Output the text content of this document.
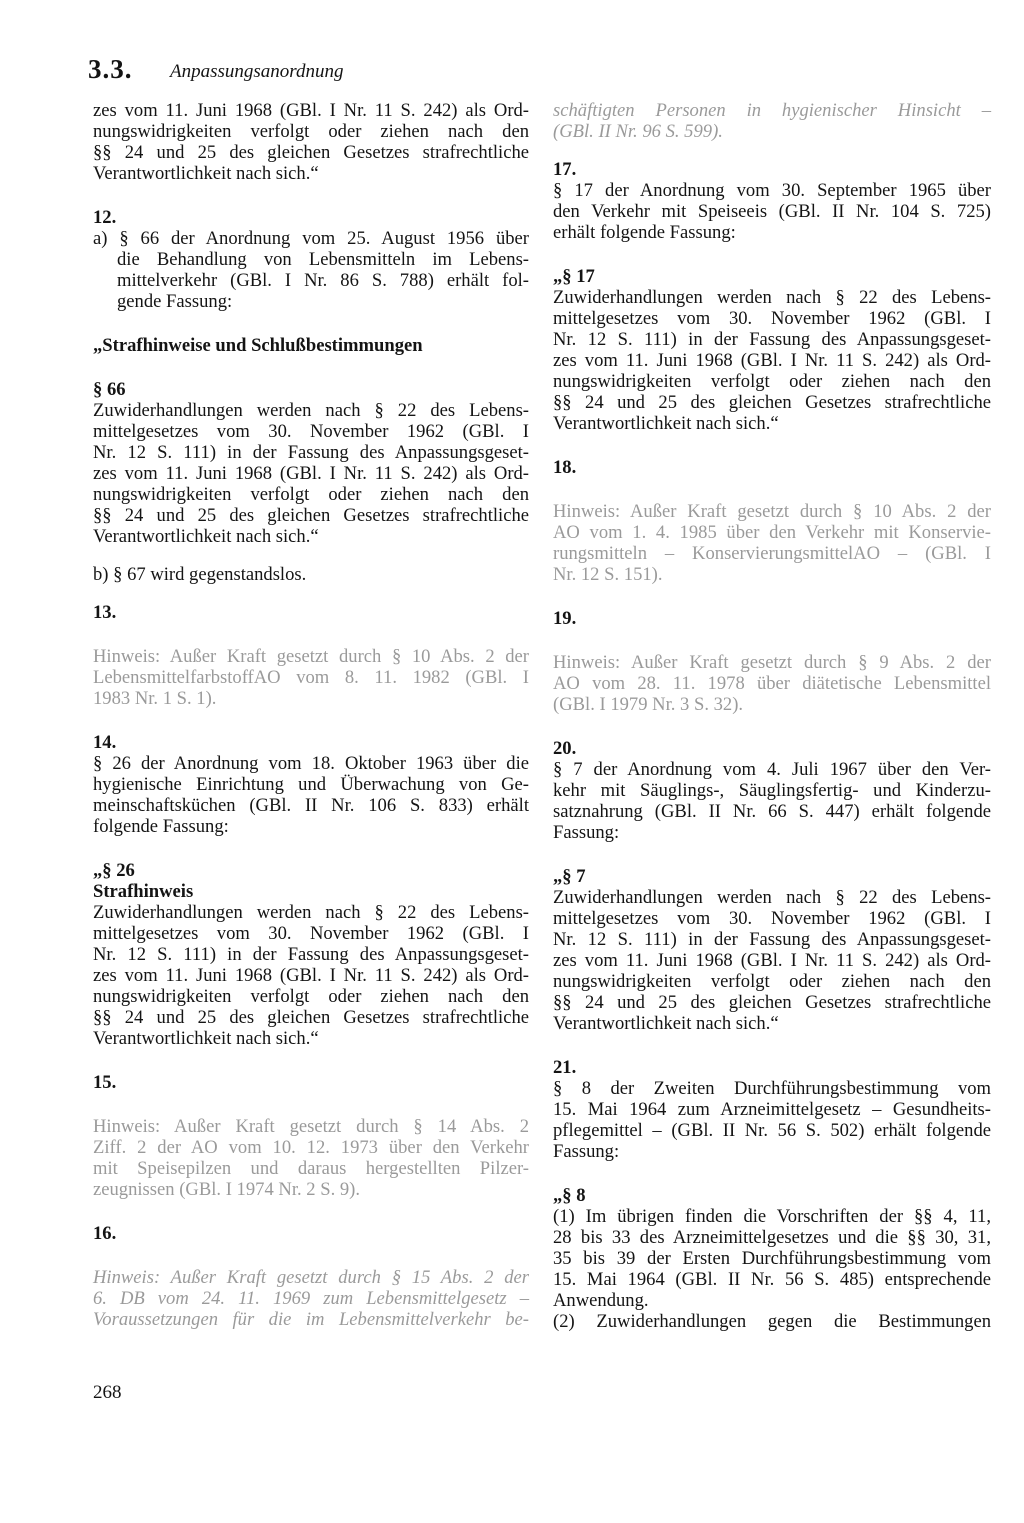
3.3. Anpassungsanordnung
zes vom 11. Juni 1968 (GBl. I Nr. 11 S. 242) als Ord-
nungswidrigkeiten verfolgt oder ziehen nach den
§§ 24 und 25 des gleichen Gesetzes strafrechtliche
Verantwortlichkeit nach sich.“
12.
a) § 66 der Anordnung vom 25. August 1956 über
die Behandlung von Lebensmitteln im Lebens-
mittelverkehr (GBl. I Nr. 86 S. 788) erhält fol-
gende Fassung:
„Strafhinweise und Schlußbestimmungen
§ 66
Zuwiderhandlungen werden nach § 22 des Lebens-
mittelgesetzes vom 30. November 1962 (GBl. I
Nr. 12 S. 111) in der Fassung des Anpassungsgeset-
zes vom 11. Juni 1968 (GBl. I Nr. 11 S. 242) als Ord-
nungswidrigkeiten verfolgt oder ziehen nach den
§§ 24 und 25 des gleichen Gesetzes strafrechtliche
Verantwortlichkeit nach sich.“
b) § 67 wird gegenstandslos.
13.
Hinweis: Außer Kraft gesetzt durch § 10 Abs. 2 der
LebensmittelfarbstoffAO vom 8. 11. 1982 (GBl. I
1983 Nr. 1 S. 1).
14.
§ 26 der Anordnung vom 18. Oktober 1963 über die
hygienische Einrichtung und Überwachung von Ge-
meinschaftsküchen (GBl. II Nr. 106 S. 833) erhält
folgende Fassung:
„§ 26
Strafhinweis
Zuwiderhandlungen werden nach § 22 des Lebens-
mittelgesetzes vom 30. November 1962 (GBl. I
Nr. 12 S. 111) in der Fassung des Anpassungsgeset-
zes vom 11. Juni 1968 (GBl. I Nr. 11 S. 242) als Ord-
nungswidrigkeiten verfolgt oder ziehen nach den
§§ 24 und 25 des gleichen Gesetzes strafrechtliche
Verantwortlichkeit nach sich.“
15.
Hinweis: Außer Kraft gesetzt durch § 14 Abs. 2
Ziff. 2 der AO vom 10. 12. 1973 über den Verkehr
mit Speisepilzen und daraus hergestellten Pilzer-
zeugnissen (GBl. I 1974 Nr. 2 S. 9).
16.
Hinweis: Außer Kraft gesetzt durch § 15 Abs. 2 der
6. DB vom 24. 11. 1969 zum Lebensmittelgesetz –
Voraussetzungen für die im Lebensmittelverkehr be-
schäftigten Personen in hygienischer Hinsicht –
(GBl. II Nr. 96 S. 599).
17.
§ 17 der Anordnung vom 30. September 1965 über
den Verkehr mit Speiseeis (GBl. II Nr. 104 S. 725)
erhält folgende Fassung:
„§ 17
Zuwiderhandlungen werden nach § 22 des Lebens-
mittelgesetzes vom 30. November 1962 (GBl. I
Nr. 12 S. 111) in der Fassung des Anpassungsgeset-
zes vom 11. Juni 1968 (GBl. I Nr. 11 S. 242) als Ord-
nungswidrigkeiten verfolgt oder ziehen nach den
§§ 24 und 25 des gleichen Gesetzes strafrechtliche
Verantwortlichkeit nach sich.“
18.
Hinweis: Außer Kraft gesetzt durch § 10 Abs. 2 der
AO vom 1. 4. 1985 über den Verkehr mit Konservie-
rungsmitteln – KonservierungsmittelAO – (GBl. I
Nr. 12 S. 151).
19.
Hinweis: Außer Kraft gesetzt durch § 9 Abs. 2 der
AO vom 28. 11. 1978 über diätetische Lebensmittel
(GBl. I 1979 Nr. 3 S. 32).
20.
§ 7 der Anordnung vom 4. Juli 1967 über den Ver-
kehr mit Säuglings-, Säuglingsfertig- und Kinderzu-
satznahrung (GBl. II Nr. 66 S. 447) erhält folgende
Fassung:
„§ 7
Zuwiderhandlungen werden nach § 22 des Lebens-
mittelgesetzes vom 30. November 1962 (GBl. I
Nr. 12 S. 111) in der Fassung des Anpassungsgeset-
zes vom 11. Juni 1968 (GBl. I Nr. 11 S. 242) als Ord-
nungswidrigkeiten verfolgt oder ziehen nach den
§§ 24 und 25 des gleichen Gesetzes strafrechtliche
Verantwortlichkeit nach sich.“
21.
§ 8 der Zweiten Durchführungsbestimmung vom
15. Mai 1964 zum Arzneimittelgesetz – Gesundheits-
pflegemittel – (GBl. II Nr. 56 S. 502) erhält folgende
Fassung:
„§ 8
(1) Im übrigen finden die Vorschriften der §§ 4, 11,
28 bis 33 des Arzneimittelgesetzes und die §§ 30, 31,
35 bis 39 der Ersten Durchführungsbestimmung vom
15. Mai 1964 (GBl. II Nr. 56 S. 485) entsprechende
Anwendung.
(2) Zuwiderhandlungen gegen die Bestimmungen
268
